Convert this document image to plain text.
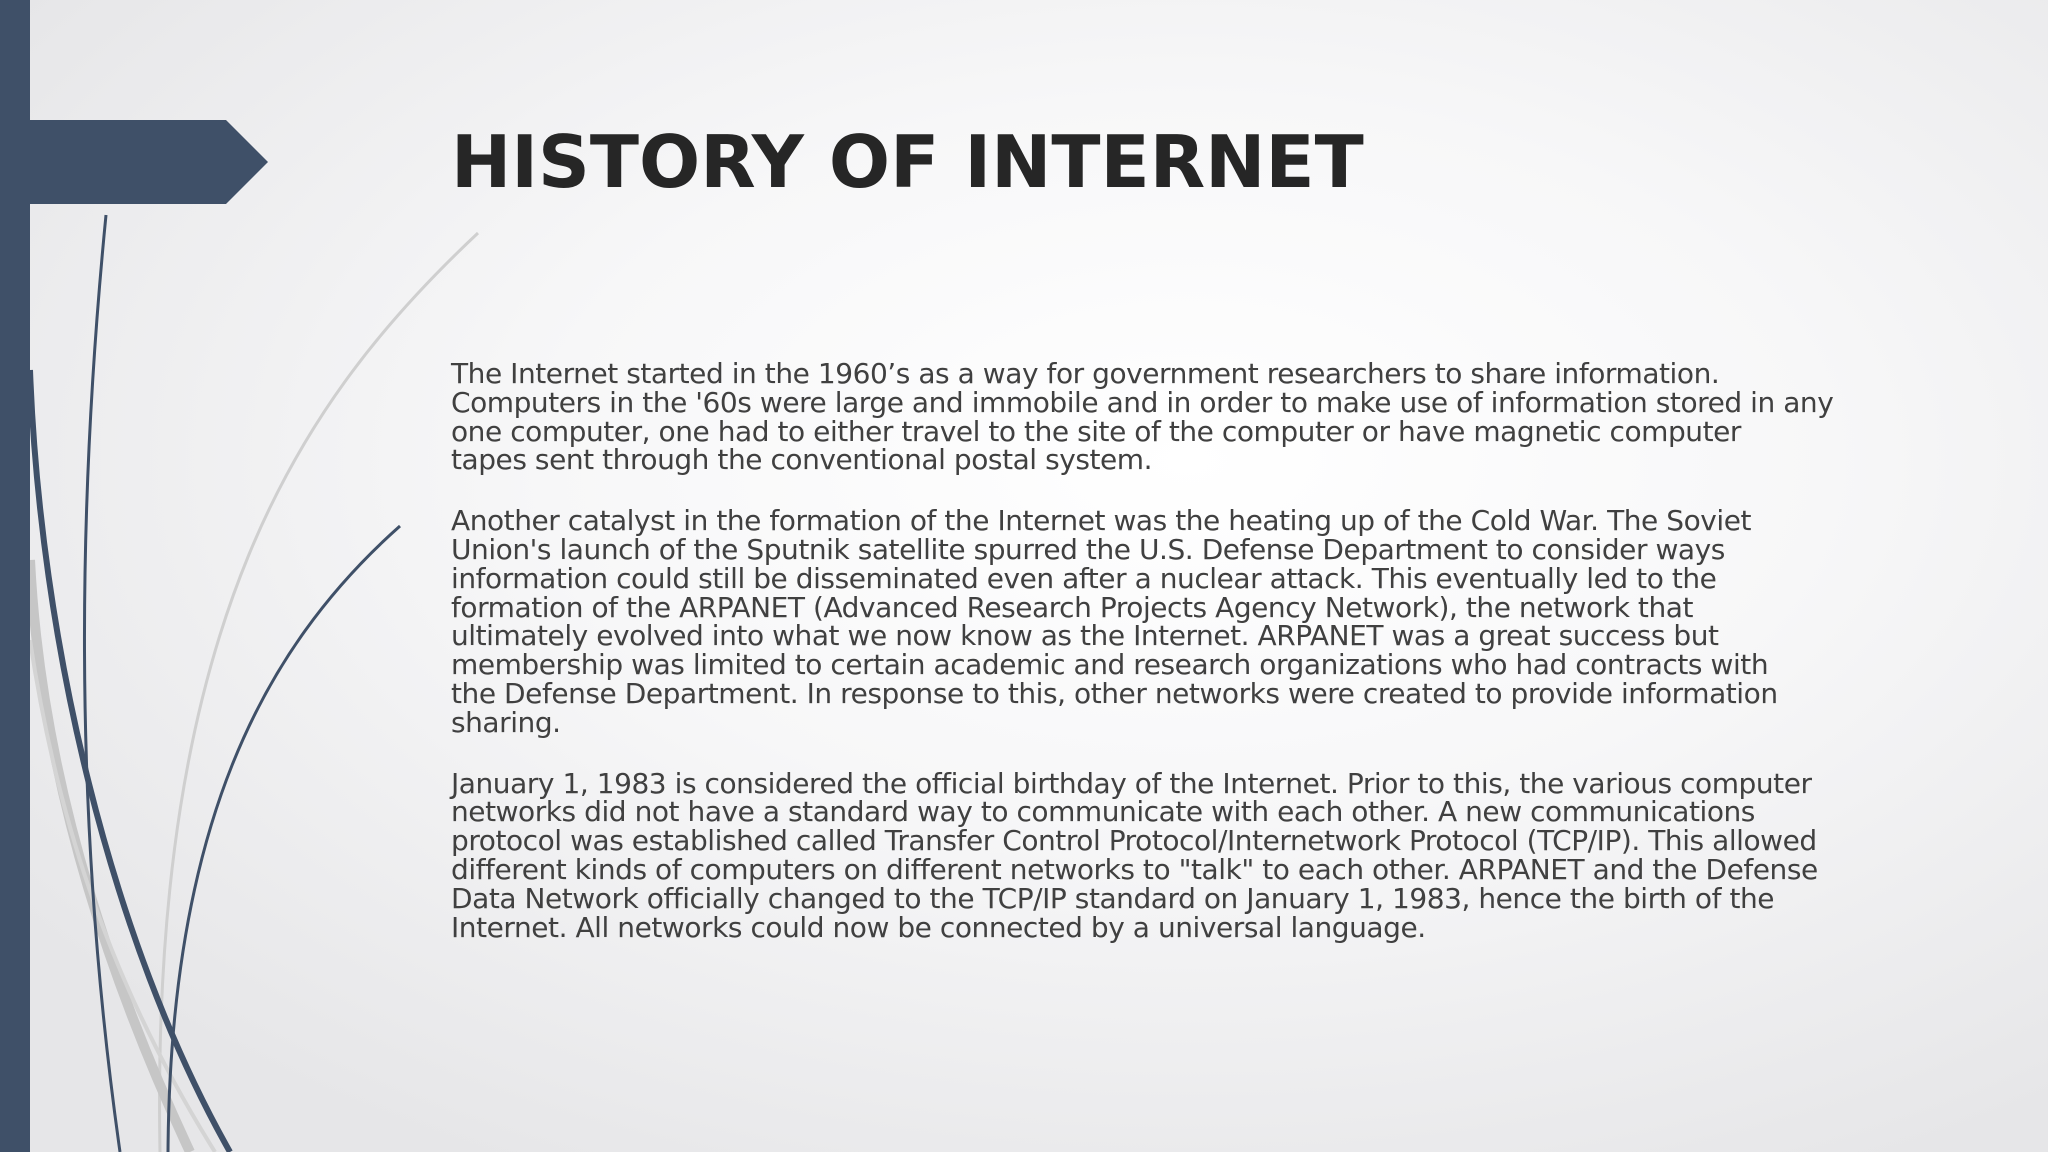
HISTORY OF INTERNET

The Internet started in the 1960’s as a way for government researchers to share information.
Computers in the '60s were large and immobile and in order to make use of information stored in any
one computer, one had to either travel to the site of the computer or have magnetic computer
tapes sent through the conventional postal system.

Another catalyst in the formation of the Internet was the heating up of the Cold War. The Soviet
Union's launch of the Sputnik satellite spurred the U.S. Defense Department to consider ways
information could still be disseminated even after a nuclear attack. This eventually led to the
formation of the ARPANET (Advanced Research Projects Agency Network), the network that
ultimately evolved into what we now know as the Internet. ARPANET was a great success but
membership was limited to certain academic and research organizations who had contracts with
the Defense Department. In response to this, other networks were created to provide information
sharing.

January 1, 1983 is considered the official birthday of the Internet. Prior to this, the various computer
networks did not have a standard way to communicate with each other. A new communications
protocol was established called Transfer Control Protocol/Internetwork Protocol (TCP/IP). This allowed
different kinds of computers on different networks to "talk" to each other. ARPANET and the Defense
Data Network officially changed to the TCP/IP standard on January 1, 1983, hence the birth of the
Internet. All networks could now be connected by a universal language.
